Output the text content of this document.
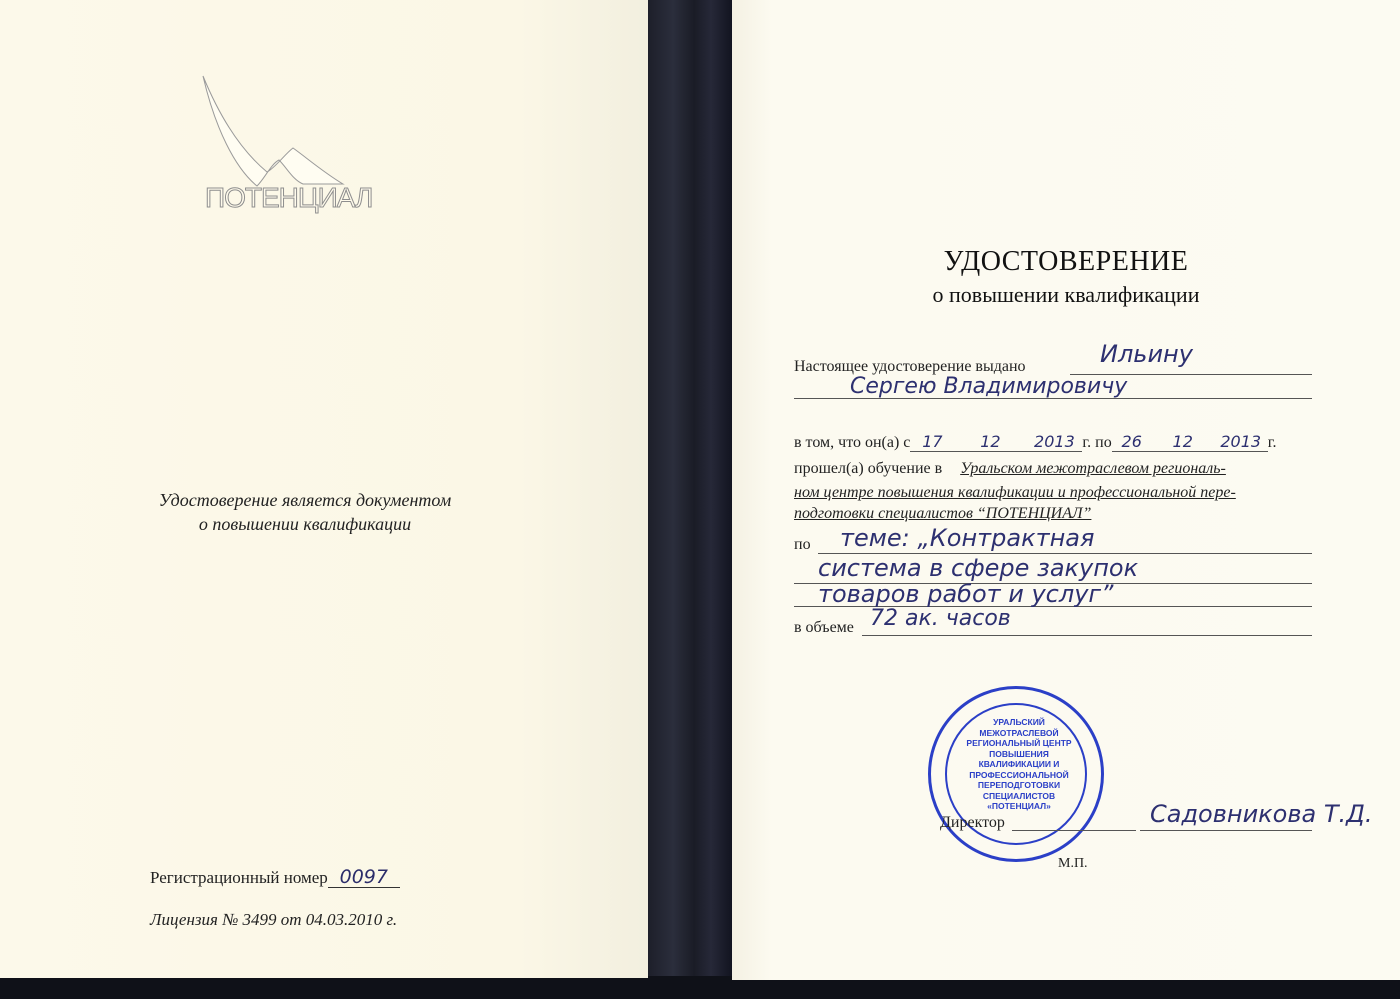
ПОТЕНЦИАЛ
Удостоверение является документом
о повышении квалификации
Регистрационный номер 0097
Лицензия № 3499 от 04.03.2010 г.
УДОСТОВЕРЕНИЕ
о повышении квалификации
Настоящее удостоверение выдано	Ильину
Сергею Владимировичу
в том, что он(а) с 17 12 2013 г. по 26 12 2013 г.
прошел(а) обучение в Уральском межотраслевом региональ-
ном центре повышения квалификации и профессиональной пере-
подготовки специалистов “ПОТЕНЦИАЛ”
по теме: „Контрактная
система в сфере закупок
товаров работ и услуг”
в объеме 72 ак. часов
УРАЛЬСКИЙ МЕЖОТРАСЛЕВОЙ РЕГИОНАЛЬНЫЙ ЦЕНТР ПОВЫШЕНИЯ КВАЛИФИКАЦИИ И ПРОФЕССИОНАЛЬНОЙ ПЕРЕПОДГОТОВКИ СПЕЦИАЛИСТОВ «ПОТЕНЦИАЛ»
Директор	Садовникова Т.Д.
М.П.
